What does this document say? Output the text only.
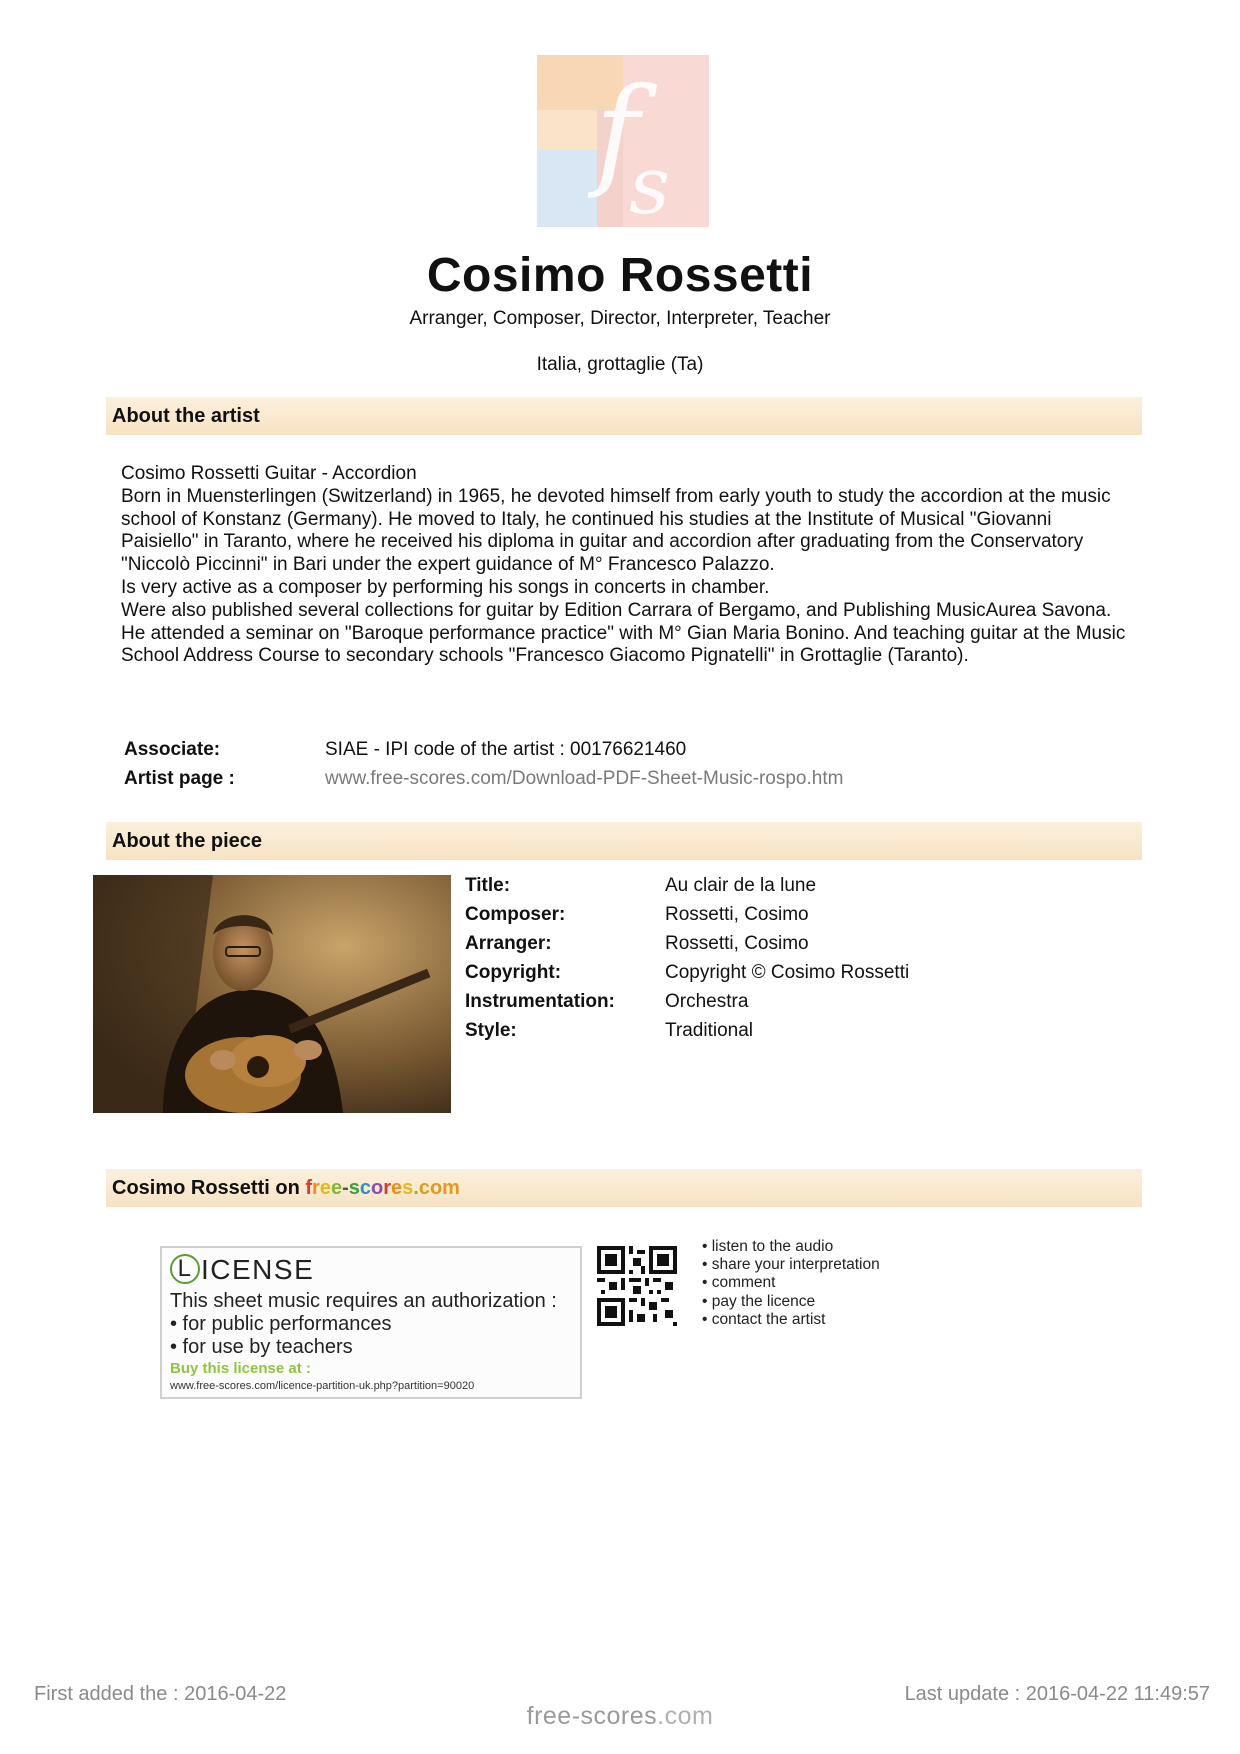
f
s
Cosimo Rossetti
Arranger, Composer, Director, Interpreter, Teacher
Italia, grottaglie (Ta)
About the artist

Cosimo Rossetti Guitar - Accordion

Born in Muensterlingen (Switzerland) in 1965, he devoted himself from early youth to study the accordion at the music school of Konstanz (Germany). He moved to Italy, he continued his studies at the Institute of Musical "Giovanni Paisiello" in Taranto, where he received his diploma in guitar and accordion after graduating from the Conservatory "Niccolò Piccinni" in Bari under the expert guidance of M° Francesco Palazzo.

Is very active as a composer by performing his songs in concerts in chamber.

Were also published several collections for guitar by Edition Carrara of Bergamo, and Publishing MusicAurea Savona.

He attended a seminar on "Baroque performance practice" with M° Gian Maria Bonino. And teaching guitar at the Music School Address Course to secondary schools "Francesco Giacomo Pignatelli" in Grottaglie (Taranto).

Associate:	SIAE - IPI code of the artist : 00176621460
Artist page :	www.free-scores.com/Download-PDF-Sheet-Music-rospo.htm
About the piece
Title:	Au clair de la lune
Composer:	Rossetti, Cosimo
Arranger:	Rossetti, Cosimo
Copyright:	Copyright © Cosimo Rossetti
Instrumentation:	Orchestra
Style:	Traditional
Cosimo Rossetti on free-scores.com
L ICENSE
This sheet music requires an authorization :
• for public performances
• for use by teachers
Buy this license at :
www.free-scores.com/licence-partition-uk.php?partition=90020
• listen to the audio
• share your interpretation
• comment
• pay the licence
• contact the artist
First added the : 2016-04-22	Last update : 2016-04-22 11:49:57
free-scores.com
